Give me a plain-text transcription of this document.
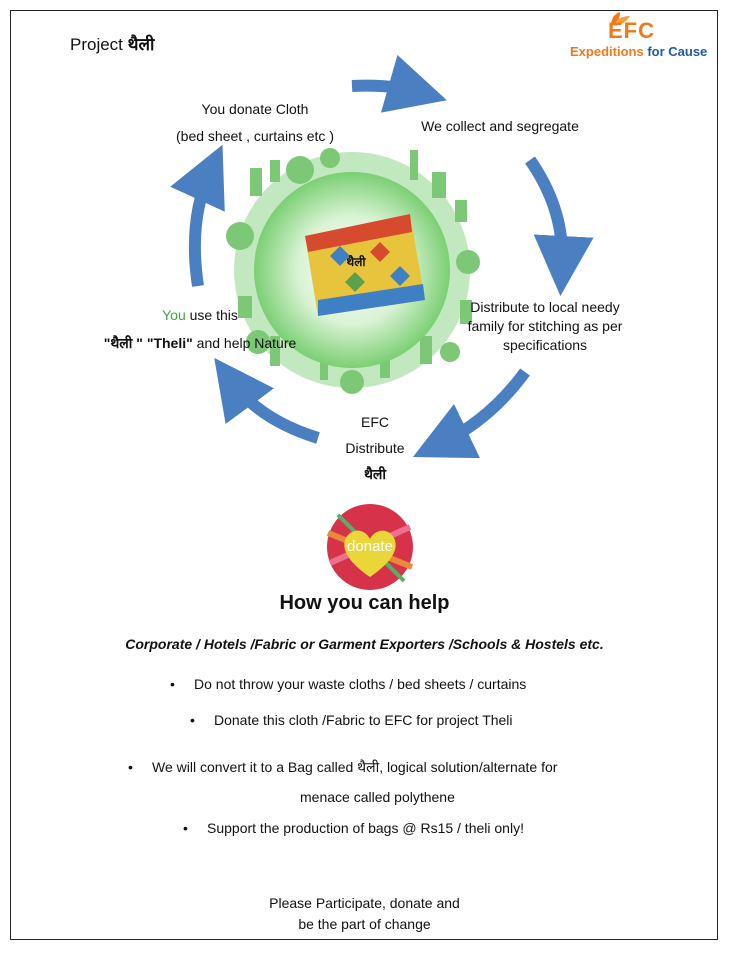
Project थैली
EFC
Expeditions for Cause
थैली
You donate Cloth
(bed sheet , curtains etc )
We collect and segregate
Distribute to local needy
family for stitching as per
specifications
EFC
Distribute
थैली
You use this
"थैली " "Theli" and help Nature
donate
How you can help
Corporate / Hotels /Fabric or Garment Exporters /Schools & Hostels etc.
• Do not throw your waste cloths / bed sheets / curtains
• Donate this cloth /Fabric to EFC for project Theli
• We will convert it to a Bag called थैली, logical solution/alternate for
menace called polythene
• Support the production of bags @ Rs15 / theli only!
Please Participate, donate and
be the part of change
